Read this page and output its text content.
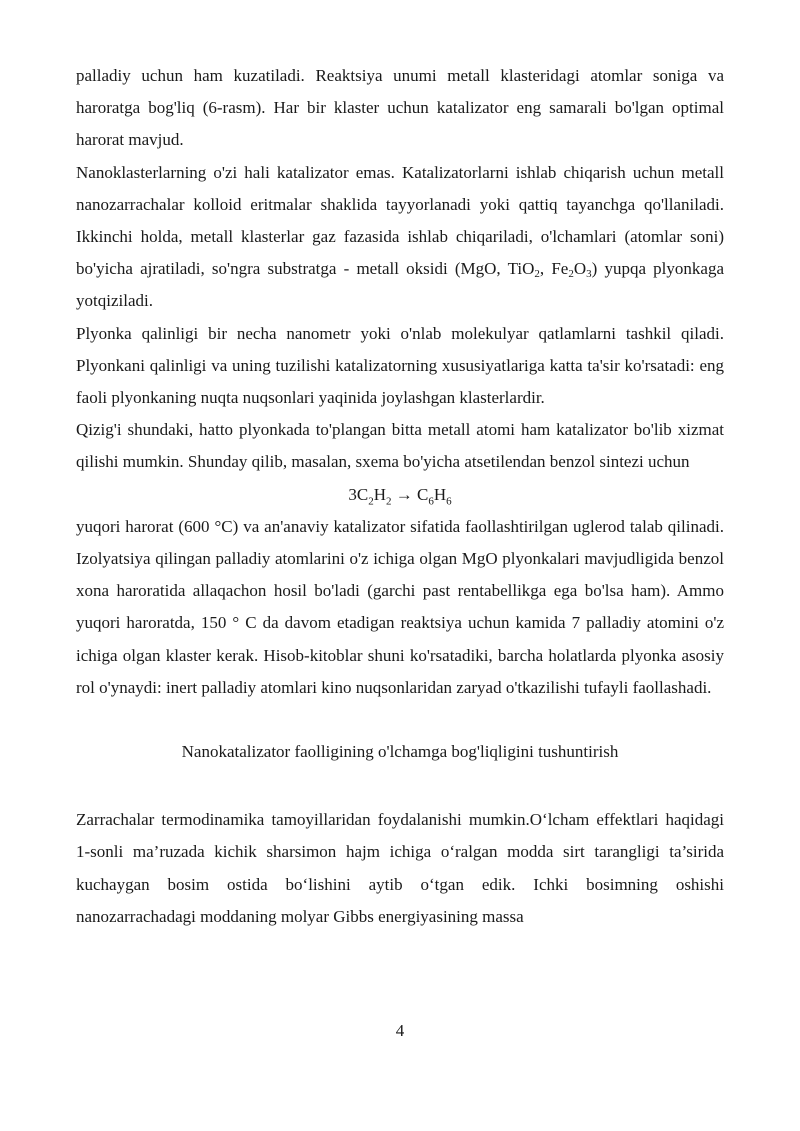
palladiy uchun ham kuzatiladi. Reaktsiya unumi metall klasteridagi atomlar soniga va haroratga bog'liq (6-rasm). Har bir klaster uchun katalizator eng samarali bo'lgan optimal harorat mavjud.

Nanoklasterlarning o'zi hali katalizator emas. Katalizatorlarni ishlab chiqarish uchun metall nanozarrachalar kolloid eritmalar shaklida tayyorlanadi yoki qattiq tayanchga qo'llaniladi. Ikkinchi holda, metall klasterlar gaz fazasida ishlab chiqariladi, o'lchamlari (atomlar soni) bo'yicha ajratiladi, so'ngra substratga - metall oksidi (MgO, TiO$_2$, $Fe_2O_3$) yupqa plyonkaga yotqiziladi.

Plyonka qalinligi bir necha nanometr yoki o'nlab molekulyar qatlamlarni tashkil qiladi. Plyonkani qalinligi va uning tuzilishi katalizatorning xususiyatlariga katta ta'sir ko'rsatadi: eng faoli plyonkaning nuqta nuqsonlari yaqinida joylashgan klasterlardir.

Qizig'i shundaki, hatto plyonkada to'plangan bitta metall atomi ham katalizator bo'lib xizmat qilishi mumkin. Shunday qilib, masalan, sxema bo'yicha atsetilendan benzol sintezi uchun

$3C_2H_2 \to C_6H_6$

yuqori harorat (600 °C) va an'anaviy katalizator sifatida faollashtirilgan uglerod talab qilinadi. Izolyatsiya qilingan palladiy atomlarini o'z ichiga olgan MgO plyonkalari mavjudligida benzol xona haroratida allaqachon hosil bo'ladi (garchi past rentabellikga ega bo'lsa ham). Ammo yuqori haroratda, 150 ° C da davom etadigan reaktsiya uchun kamida 7 palladiy atomini o'z ichiga olgan klaster kerak. Hisob-kitoblar shuni ko'rsatadiki, barcha holatlarda plyonka asosiy rol o'ynaydi: inert palladiy atomlari kino nuqsonlaridan zaryad o'tkazilishi tufayli faollashadi.

Nanokatalizator faolligining o'lchamga bog'liqligini tushuntirish

Zarrachalar termodinamika tamoyillaridan foydalanishi mumkin.O‘lcham effektlari haqidagi 1-sonli ma’ruzada kichik sharsimon hajm ichiga o‘ralgan modda sirt tarangligi ta’sirida kuchaygan bosim ostida bo‘lishini aytib o‘tgan edik. Ichki bosimning oshishi nanozarrachadagi moddaning molyar Gibbs energiyasining massa

4
